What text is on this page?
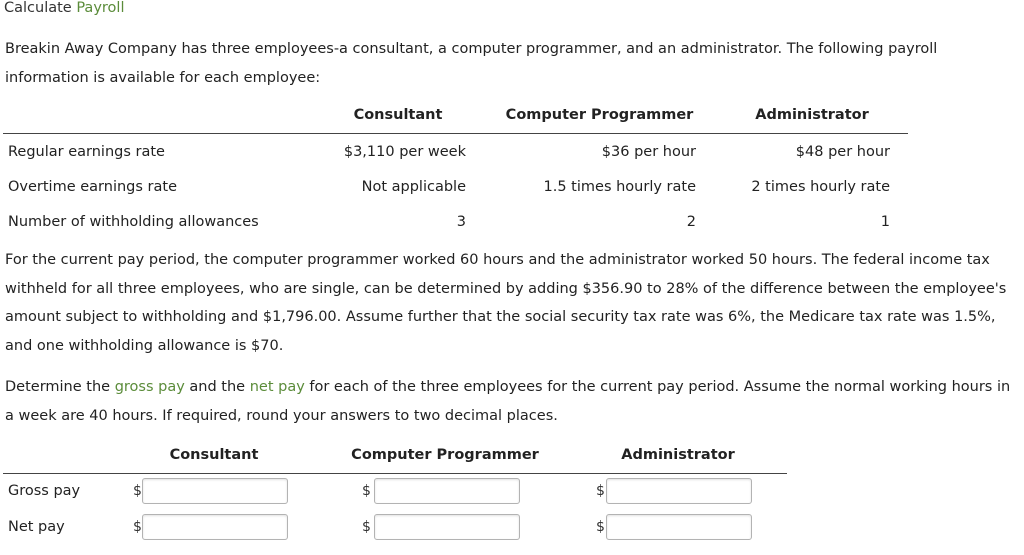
Calculate Payroll
Breakin Away Company has three employees-a consultant, a computer programmer, and an administrator. The following payroll information is available for each employee:
Consultant	Computer Programmer	Administrator
Regular earnings rate	$3,110 per week	$36 per hour	$48 per hour
Overtime earnings rate	Not applicable	1.5 times hourly rate	2 times hourly rate
Number of withholding allowances	3	2	1
For the current pay period, the computer programmer worked 60 hours and the administrator worked 50 hours. The federal income tax withheld for all three employees, who are single, can be determined by adding $356.90 to 28% of the difference between the employee's amount subject to withholding and $1,796.00. Assume further that the social security tax rate was 6%, the Medicare tax rate was 1.5%, and one withholding allowance is $70.
Determine the gross pay and the net pay for each of the three employees for the current pay period. Assume the normal working hours in a week are 40 hours. If required, round your answers to two decimal places.
Consultant	Computer Programmer	Administrator
Gross pay	$	$	$
Net pay	$	$	$
